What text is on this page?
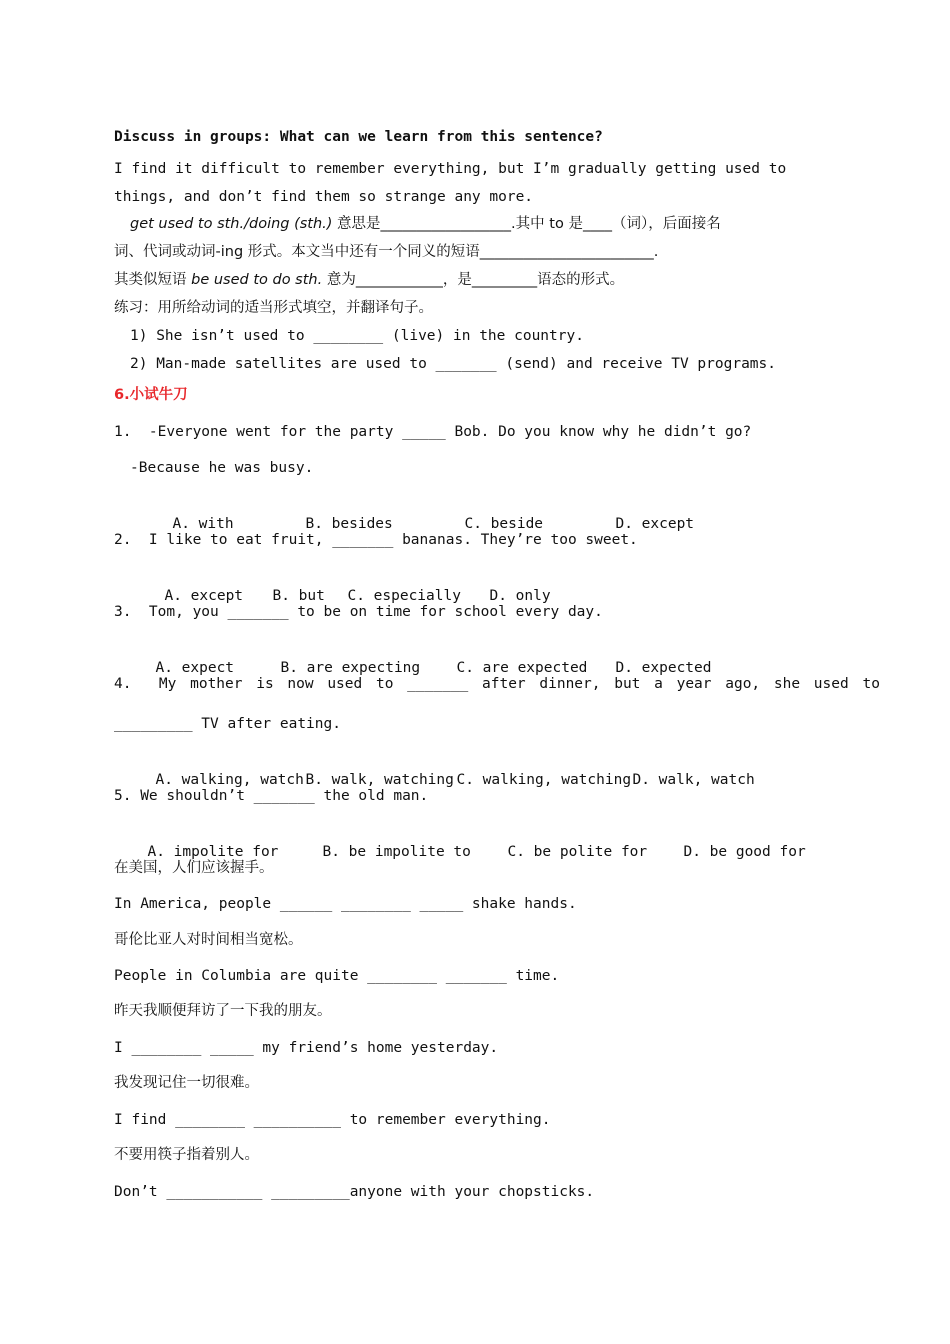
Discuss in groups: What can we learn from this sentence?
I find it difficult to remember everything, but I’m gradually getting used to
things, and don’t find them so strange any more.
get used to sth./doing (sth.) 意思是__________________.其中 to 是____（词），后面接名
词、代词或动词-ing 形式。本文当中还有一个同义的短语________________________.
其类似短语 be used to do sth. 意为____________，是_________语态的形式。
练习：用所给动词的适当形式填空，并翻译句子。
1) She isn’t used to ________ (live) in the country.
2) Man-made satellites are used to _______ (send) and receive TV programs.
6.小试牛刀
1.  -Everyone went for the party _____ Bob. Do you know why he didn’t go?
-Because he was busy.

A. with	B. besides	C. beside	D. except

2.  I like to eat fruit, _______ bananas. They’re too sweet.

A. except B. but C. especially D. only

3.  Tom, you _______ to be on time for school every day.

A. expect	B. are expecting	C. are expected D. expected

4.  My mother is now used to _______ after dinner, but a year ago, she used to
_________ TV after eating.

A. walking, watch B. walk, watching C. walking, watchingD. walk, watch

5. We shouldn’t _______ the old man.

A. impolite for	B. be impolite to	C. be polite for	D. be good for

在美国，人们应该握手。
In America, people ______ ________ _____ shake hands.
哥伦比亚人对时间相当宽松。
People in Columbia are quite ________ _______ time.
昨天我顺便拜访了一下我的朋友。
I ________ _____ my friend’s home yesterday.
我发现记住一切很难。
I find ________ __________ to remember everything.
不要用筷子指着别人。
Don’t ___________ _________anyone with your chopsticks.
